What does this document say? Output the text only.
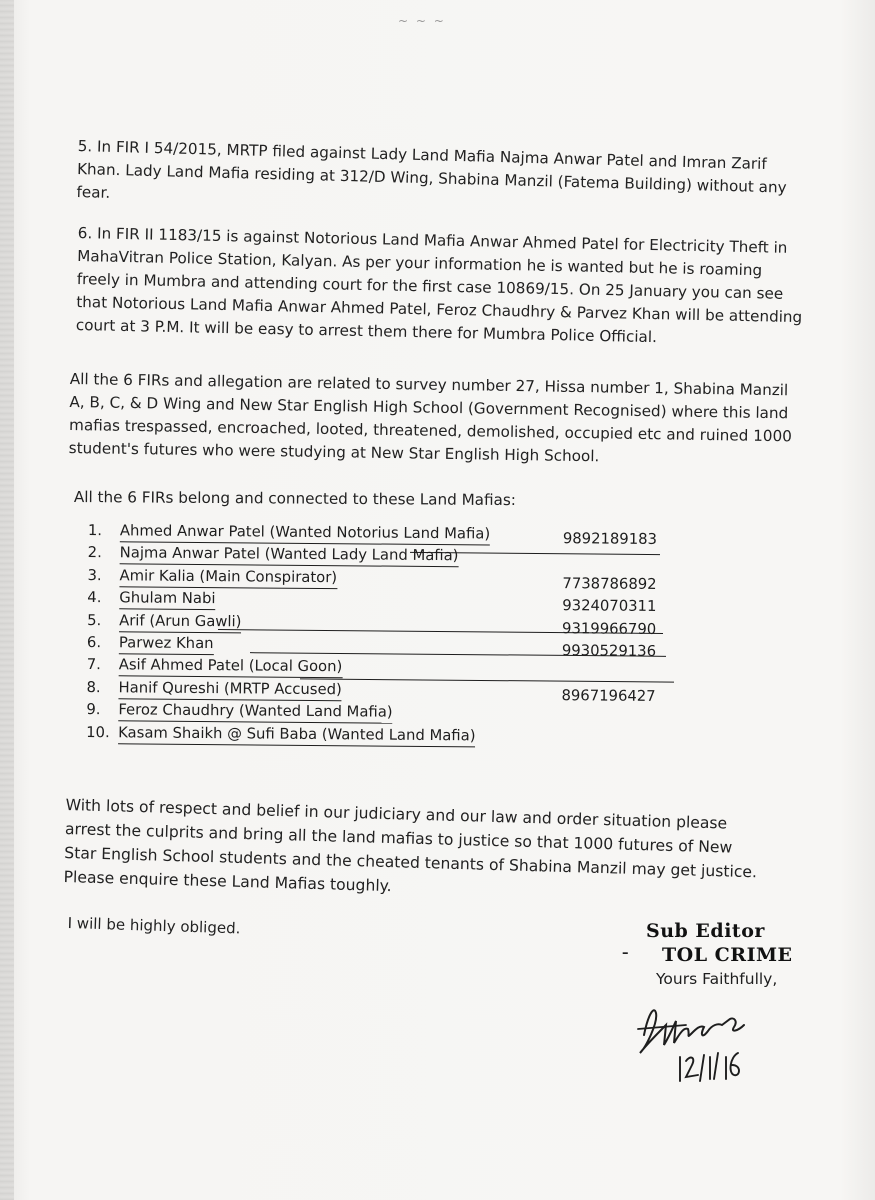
~ ~ ~
5. In FIR I 54/2015, MRTP filed against Lady Land Mafia Najma Anwar Patel and Imran Zarif Khan. Lady Land Mafia residing at 312/D Wing, Shabina Manzil (Fatema Building) without any fear.
6. In FIR II 1183/15 is against Notorious Land Mafia Anwar Ahmed Patel for Electricity Theft in MahaVitran Police Station, Kalyan. As per your information he is wanted but he is roaming freely in Mumbra and attending court for the first case 10869/15. On 25 January you can see that Notorious Land Mafia Anwar Ahmed Patel, Feroz Chaudhry & Parvez Khan will be attending court at 3 P.M. It will be easy to arrest them there for Mumbra Police Official.
All the 6 FIRs and allegation are related to survey number 27, Hissa number 1, Shabina Manzil A, B, C, & D Wing and New Star English High School (Government Recognised) where this land mafias trespassed, encroached, looted, threatened, demolished, occupied etc and ruined 1000 student's futures who were studying at New Star English High School.
All the 6 FIRs belong and connected to these Land Mafias:
1.	Ahmed Anwar Patel (Wanted Notorius Land Mafia)	9892189183
2.	Najma Anwar Patel (Wanted Lady Land Mafia)
3.	Amir Kalia (Main Conspirator)	7738786892
4.	Ghulam Nabi	9324070311
5.	Arif (Arun Gawli)	9319966790
6.	Parwez Khan	9930529136
7.	Asif Ahmed Patel (Local Goon)
8.	Hanif Qureshi (MRTP Accused)	8967196427
9.	Feroz Chaudhry (Wanted Land Mafia)
10. Kasam Shaikh @ Sufi Baba (Wanted Land Mafia)
With lots of respect and belief in our judiciary and our law and order situation please arrest the culprits and bring all the land mafias to justice so that 1000 futures of New Star English School students and the cheated tenants of Shabina Manzil may get justice. Please enquire these Land Mafias toughly.
I will be highly obliged.
–
Sub Editor
TOL CRIME
Yours Faithfully,
